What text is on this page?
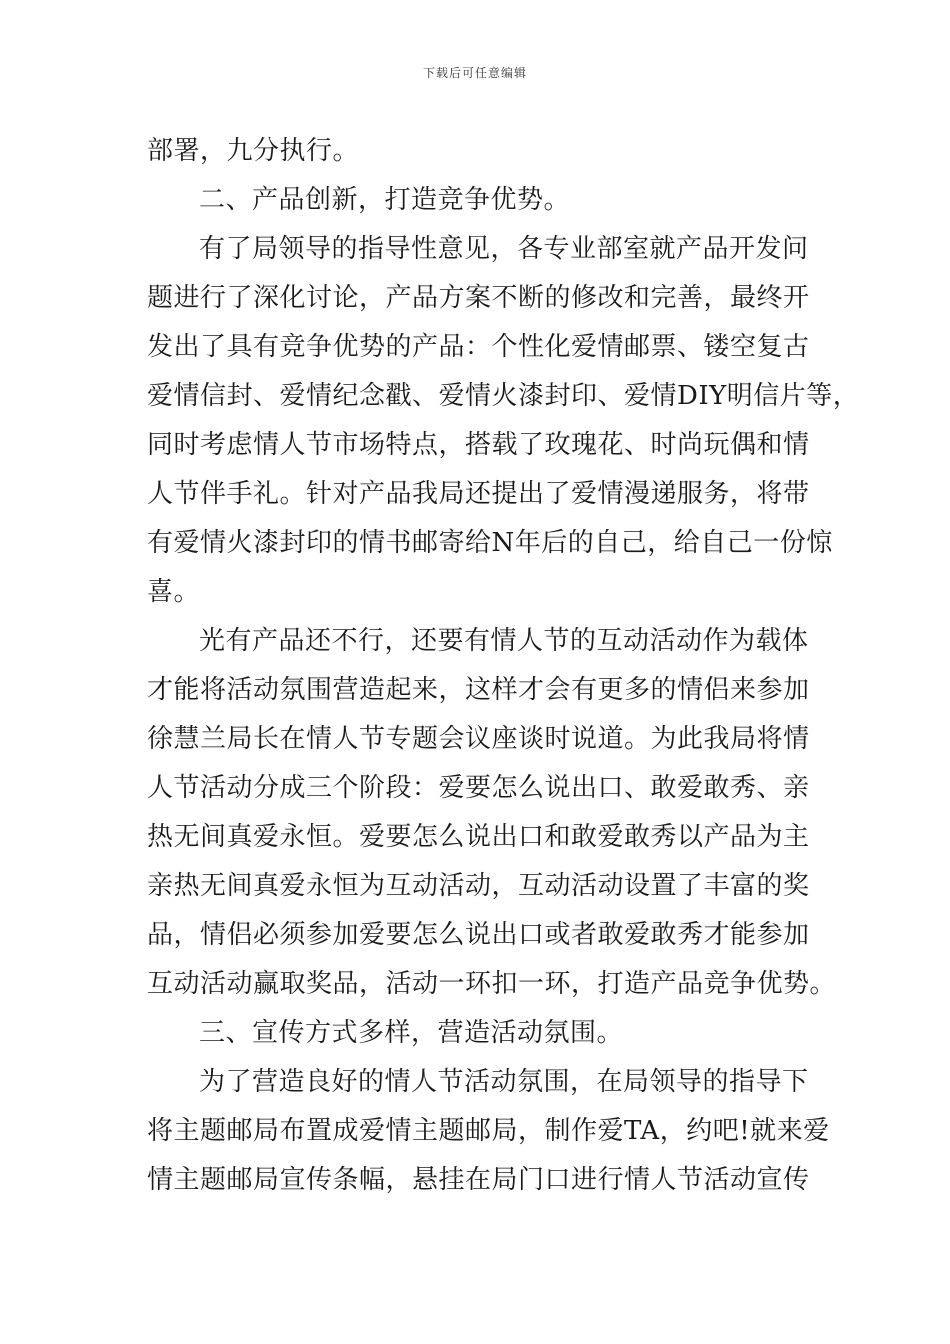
下载后可任意编辑
部署，九分执行。
二、产品创新，打造竞争优势。
有了局领导的指导性意见，各专业部室就产品开发问
题进行了深化讨论，产品方案不断的修改和完善，最终开
发出了具有竞争优势的产品：个性化爱情邮票、镂空复古
爱情信封、爱情纪念戳、爱情火漆封印、爱情DIY明信片等，
同时考虑情人节市场特点，搭载了玫瑰花、时尚玩偶和情
人节伴手礼。针对产品我局还提出了爱情漫递服务，将带
有爱情火漆封印的情书邮寄给N年后的自己，给自己一份惊
喜。
光有产品还不行，还要有情人节的互动活动作为载体
才能将活动氛围营造起来，这样才会有更多的情侣来参加
徐慧兰局长在情人节专题会议座谈时说道。为此我局将情
人节活动分成三个阶段：爱要怎么说出口、敢爱敢秀、亲
热无间真爱永恒。爱要怎么说出口和敢爱敢秀以产品为主
亲热无间真爱永恒为互动活动，互动活动设置了丰富的奖
品，情侣必须参加爱要怎么说出口或者敢爱敢秀才能参加
互动活动赢取奖品，活动一环扣一环，打造产品竞争优势。
三、宣传方式多样，营造活动氛围。
为了营造良好的情人节活动氛围，在局领导的指导下
将主题邮局布置成爱情主题邮局，制作爱TA，约吧!就来爱
情主题邮局宣传条幅，悬挂在局门口进行情人节活动宣传
